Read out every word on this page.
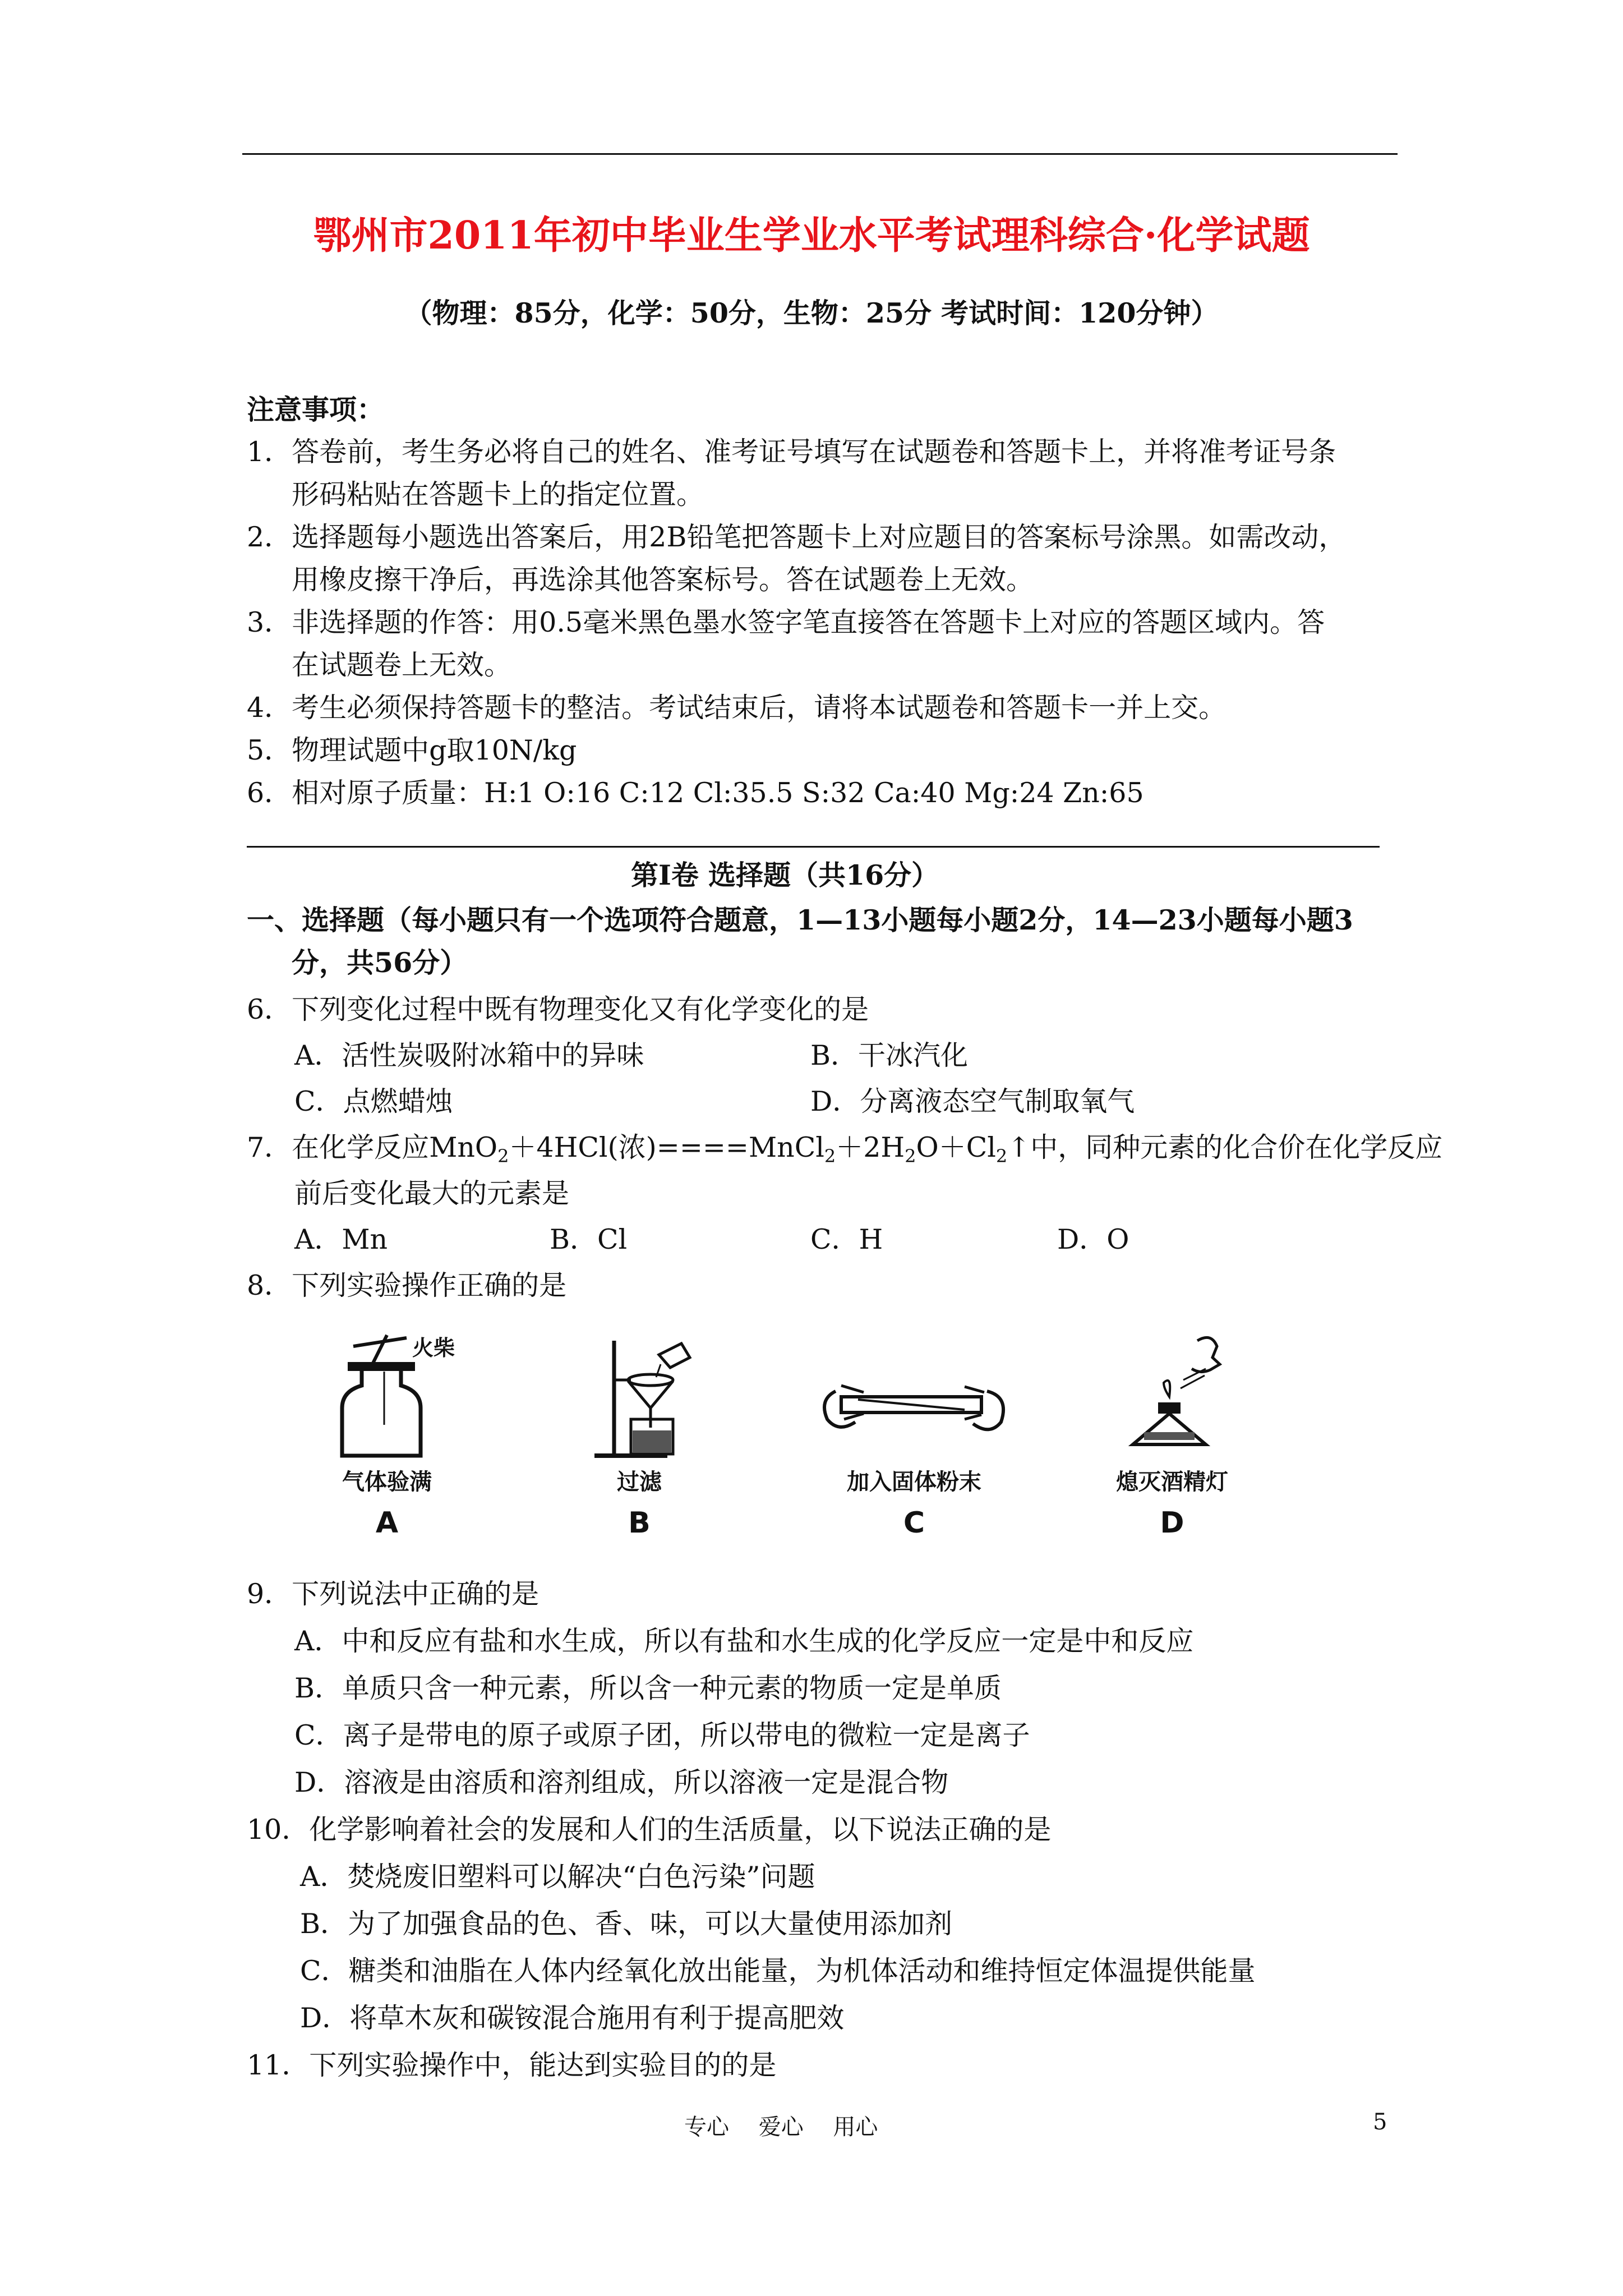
鄂州市2011年初中毕业生学业水平考试理科综合·化学试题
（物理：85分，化学：50分，生物：25分 考试时间：120分钟）
注意事项：
1．答卷前，考生务必将自己的姓名、准考证号填写在试题卷和答题卡上，并将准考证号条
形码粘贴在答题卡上的指定位置。
2．选择题每小题选出答案后，用2B铅笔把答题卡上对应题目的答案标号涂黑。如需改动，
用橡皮擦干净后，再选涂其他答案标号。答在试题卷上无效。
3．非选择题的作答：用0.5毫米黑色墨水签字笔直接答在答题卡上对应的答题区域内。答
在试题卷上无效。
4．考生必须保持答题卡的整洁。考试结束后，请将本试题卷和答题卡一并上交。
5．物理试题中g取10N/kg
6．相对原子质量：H:1 O:16 C:12 Cl:35.5 S:32 Ca:40 Mg:24 Zn:65
第Ⅰ卷 选择题（共16分）
一、选择题（每小题只有一个选项符合题意，1—13小题每小题2分，14—23小题每小题3
分，共56分）
6．下列变化过程中既有物理变化又有化学变化的是
A．活性炭吸附冰箱中的异味	B．干冰汽化
C．点燃蜡烛	D．分离液态空气制取氧气
7．在化学反应MnO$_2$＋4HCl(浓)$====MnCl_2+2H_2O+Cl_2↑$中，同种元素的化合价在化学反应
前后变化最大的元素是
A．Mn	B．Cl	C．H	D．O
8．下列实验操作正确的是
火柴
气体验满
A
过滤
B
加入固体粉末
C
熄灭酒精灯
D
9．下列说法中正确的是
A．中和反应有盐和水生成，所以有盐和水生成的化学反应一定是中和反应
B．单质只含一种元素，所以含一种元素的物质一定是单质
C．离子是带电的原子或原子团，所以带电的微粒一定是离子
D．溶液是由溶质和溶剂组成，所以溶液一定是混合物
10．化学影响着社会的发展和人们的生活质量，以下说法正确的是
A．焚烧废旧塑料可以解决“白色污染”问题
B．为了加强食品的色、香、味，可以大量使用添加剂
C．糖类和油脂在人体内经氧化放出能量，为机体活动和维持恒定体温提供能量
D．将草木灰和碳铵混合施用有利于提高肥效
11．下列实验操作中，能达到实验目的的是
专心 爱心 用心	5
